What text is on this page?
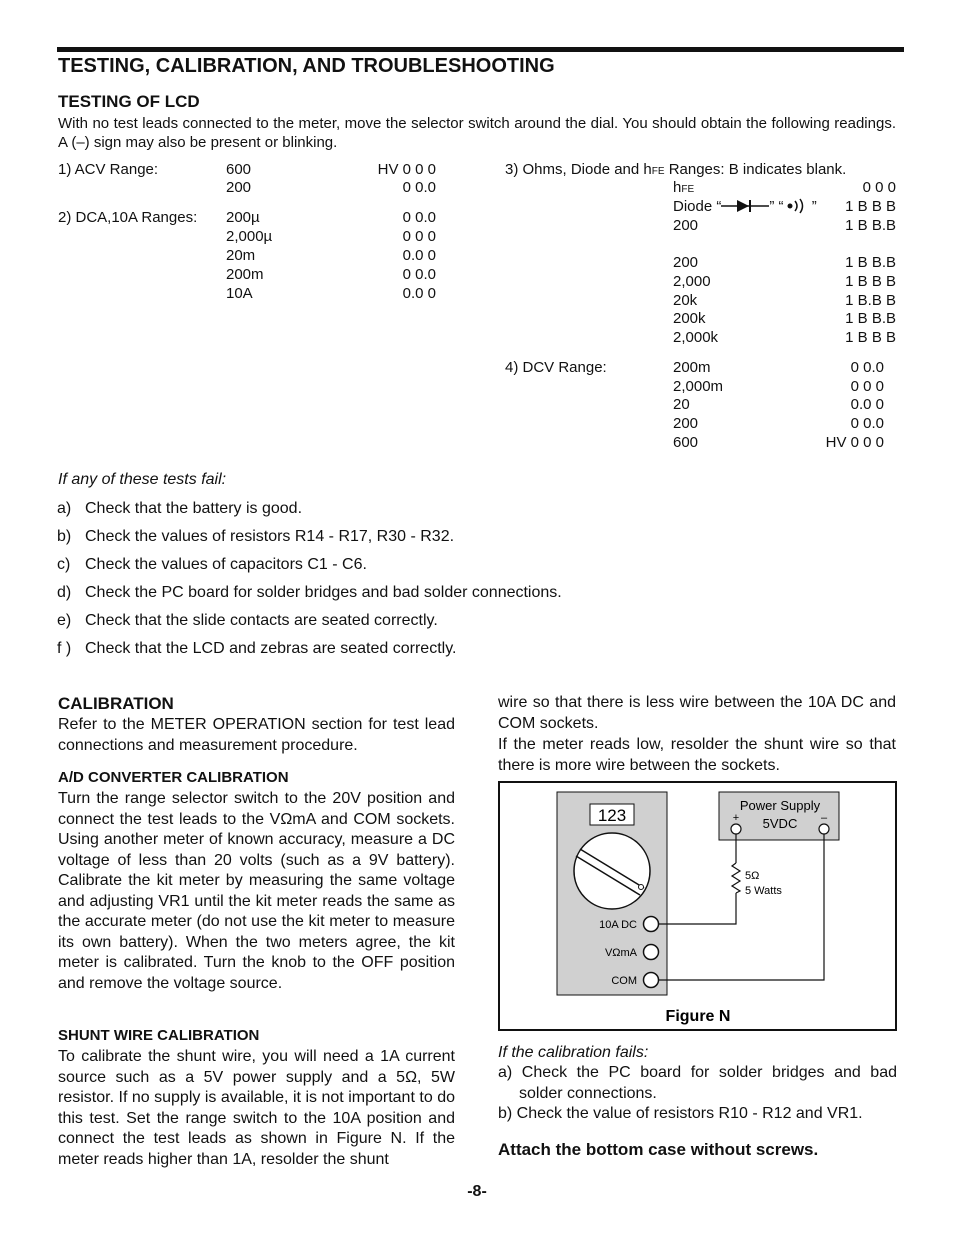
TESTING, CALIBRATION, AND TROUBLESHOOTING
TESTING OF LCD

With no test leads connected to the meter, move the selector switch around the dial. You should obtain the following readings. A (–) sign may also be present or blinking.

1) ACV Range:	600	HV 0 0 0
200	0 0.0
2) DCA,10A Ranges: 200µ	0 0.0
2,000µ	0 0 0
20m	0.0 0
200m	0 0.0
10A	0.0 0
3) Ohms, Diode and hFE Ranges: B indicates blank.
hFE	0 0 0
Diode “	” “ ”	1 B B B
200	1 B B.B
200	1 B B.B
2,000	1 B B B
20k	1 B.B B
200k	1 B B.B
2,000k	1 B B B
4) DCV Range:	200m	0 0.0
2,000m	0 0 0
20	0.0 0
200	0 0.0
600	HV 0 0 0
If any of these tests fail:
a) Check that the battery is good.
b) Check the values of resistors R14 - R17, R30 - R32.
c) Check the values of capacitors C1 - C6.
d) Check the PC board for solder bridges and bad solder connections.
e) Check that the slide contacts are seated correctly.
f ) Check that the LCD and zebras are seated correctly.
CALIBRATION

Refer to the METER OPERATION section for test lead connections and measurement procedure.

A/D CONVERTER CALIBRATION

Turn the range selector switch to the 20V position and connect the test leads to the VΩmA and COM sockets. Using another meter of known accuracy, measure a DC voltage of less than 20 volts (such as a 9V battery). Calibrate the kit meter by measuring the same voltage and adjusting VR1 until the kit meter reads the same as the accurate meter (do not use the kit meter to measure its own battery). When the two meters agree, the kit meter is calibrated. Turn the knob to the OFF position and remove the voltage source.

SHUNT WIRE CALIBRATION

To calibrate the shunt wire, you will need a 1A current source such as a 5V power supply and a 5Ω, 5W resistor. If no supply is available, it is not important to do this test. Set the range switch to the 10A position and connect the test leads as shown in Figure N. If the meter reads higher than 1A, resolder the shunt

wire so that there is less wire between the 10A DC and COM sockets.

If the meter reads low, resolder the shunt wire so that there is more wire between the sockets.

123
10A DC
VΩmA
COM
Power Supply
5VDC
+	–
5Ω
5 Watts
Figure N
If the calibration fails:
a) Check the PC board for solder bridges and bad solder connections.
b) Check the value of resistors R10 - R12 and VR1.
Attach the bottom case without screws.
-8-
